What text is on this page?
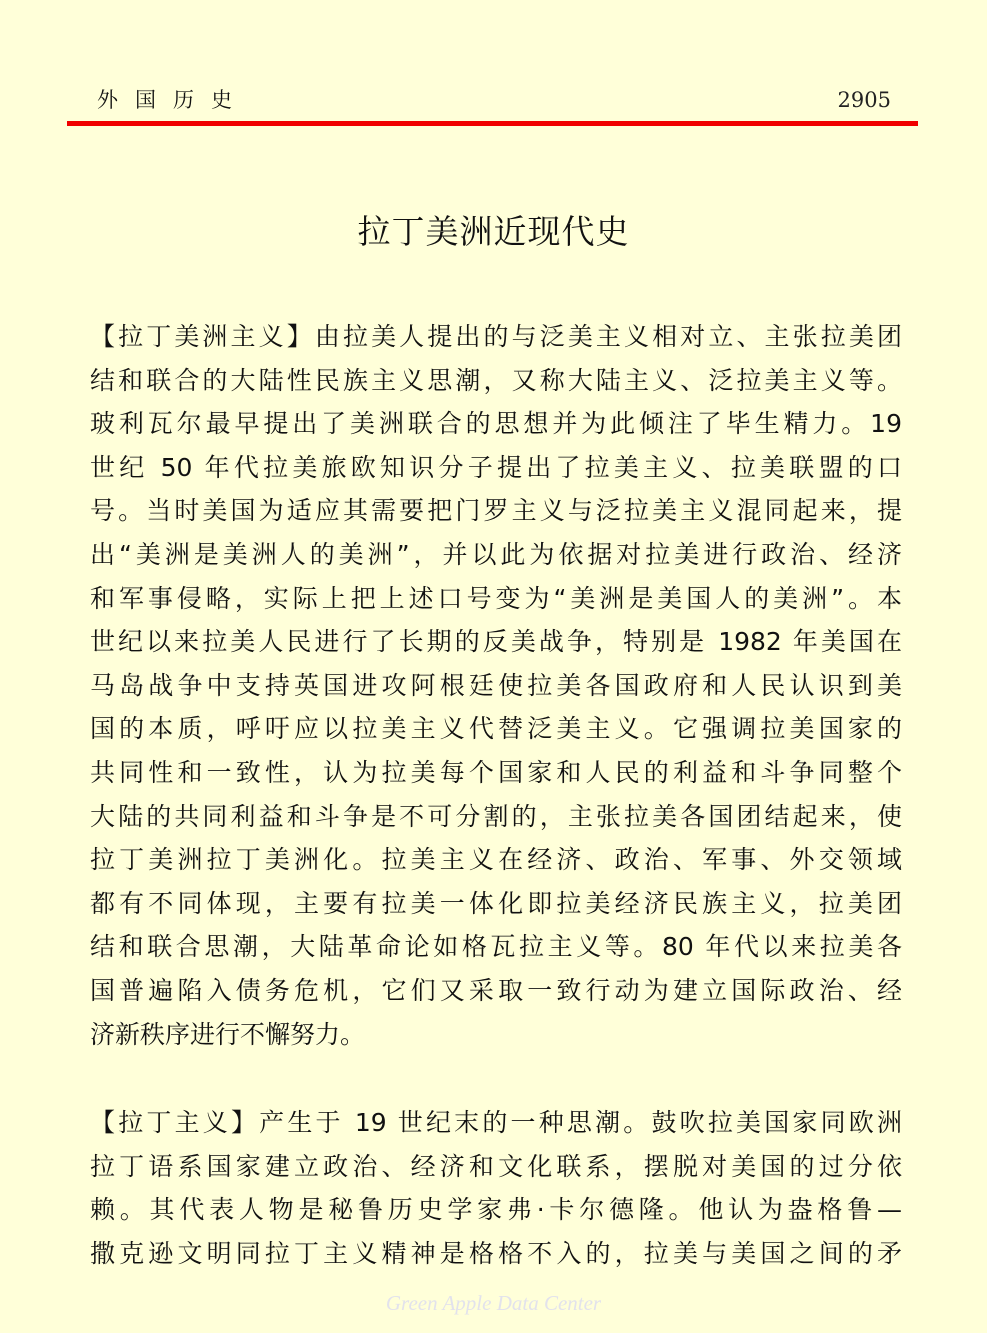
外国历史	2905
拉丁美洲近现代史
【拉丁美洲主义】由拉美人提出的与泛美主义相对立、主张拉美团
结和联合的大陆性民族主义思潮，又称大陆主义、泛拉美主义等。
玻利瓦尔最早提出了美洲联合的思想并为此倾注了毕生精力。19
世纪 50 年代拉美旅欧知识分子提出了拉美主义、拉美联盟的口
号。当时美国为适应其需要把门罗主义与泛拉美主义混同起来，提
出“美洲是美洲人的美洲”，并以此为依据对拉美进行政治、经济
和军事侵略，实际上把上述口号变为“美洲是美国人的美洲”。本
世纪以来拉美人民进行了长期的反美战争，特别是 1982 年美国在
马岛战争中支持英国进攻阿根廷使拉美各国政府和人民认识到美
国的本质，呼吁应以拉美主义代替泛美主义。它强调拉美国家的
共同性和一致性，认为拉美每个国家和人民的利益和斗争同整个
大陆的共同利益和斗争是不可分割的，主张拉美各国团结起来，使
拉丁美洲拉丁美洲化。拉美主义在经济、政治、军事、外交领域
都有不同体现，主要有拉美一体化即拉美经济民族主义，拉美团
结和联合思潮，大陆革命论如格瓦拉主义等。80 年代以来拉美各
国普遍陷入债务危机，它们又采取一致行动为建立国际政治、经
济新秩序进行不懈努力。
【拉丁主义】产生于 19 世纪末的一种思潮。鼓吹拉美国家同欧洲
拉丁语系国家建立政治、经济和文化联系，摆脱对美国的过分依
赖。其代表人物是秘鲁历史学家弗·卡尔德隆。他认为盎格鲁—
撒克逊文明同拉丁主义精神是格格不入的，拉美与美国之间的矛
Green Apple Data Center
